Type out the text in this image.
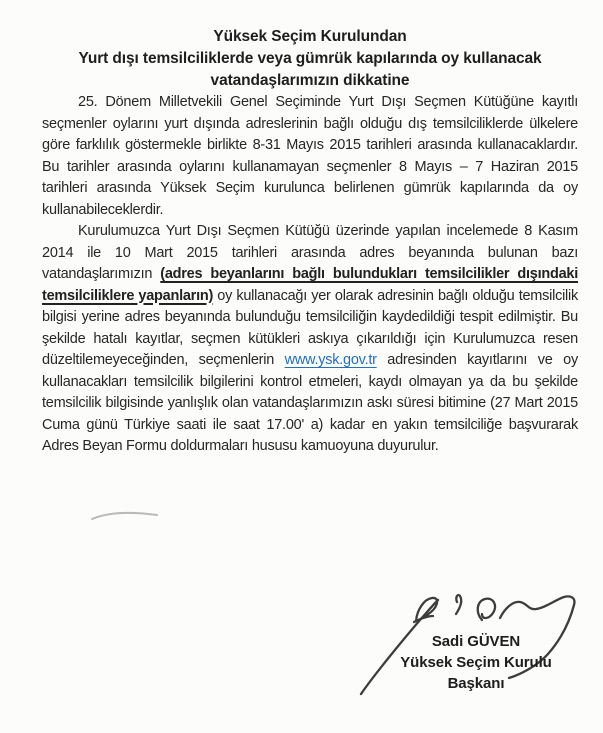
Yüksek Seçim Kurulundan
Yurt dışı temsilciliklerde veya gümrük kapılarında oy kullanacak
vatandaşlarımızın dikkatine

25. Dönem Milletvekili Genel Seçiminde Yurt Dışı Seçmen Kütüğüne kayıtlı seçmenler oylarını yurt dışında adreslerinin bağlı olduğu dış temsilciliklerde ülkelere göre farklılık göstermekle birlikte 8-31 Mayıs 2015 tarihleri arasında kullanacaklardır. Bu tarihler arasında oylarını kullanamayan seçmenler 8 Mayıs – 7 Haziran 2015 tarihleri arasında Yüksek Seçim kurulunca belirlenen gümrük kapılarında da oy kullanabileceklerdir.

Kurulumuzca Yurt Dışı Seçmen Kütüğü üzerinde yapılan incelemede 8 Kasım 2014 ile 10 Mart 2015 tarihleri arasında adres beyanında bulunan bazı vatandaşlarımızın (adres beyanlarını bağlı bulundukları temsilcilikler dışındaki temsilciliklere yapanların) oy kullanacağı yer olarak adresinin bağlı olduğu temsilcilik bilgisi yerine adres beyanında bulunduğu temsilciliğin kaydedildiği tespit edilmiştir. Bu şekilde hatalı kayıtlar, seçmen kütükleri askıya çıkarıldığı için Kurulumuzca resen düzeltilemeyeceğinden, seçmenlerin www.ysk.gov.tr adresinden kayıtlarını ve oy kullanacakları temsilcilik bilgilerini kontrol etmeleri, kaydı olmayan ya da bu şekilde temsilcilik bilgisinde yanlışlık olan vatandaşlarımızın askı süresi bitimine (27 Mart 2015 Cuma günü Türkiye saati ile saat 17.00' a) kadar en yakın temsilciliğe başvurarak Adres Beyan Formu doldurmaları hususu kamuoyuna duyurulur.

Sadi GÜVEN
Yüksek Seçim Kurulu Başkanı
